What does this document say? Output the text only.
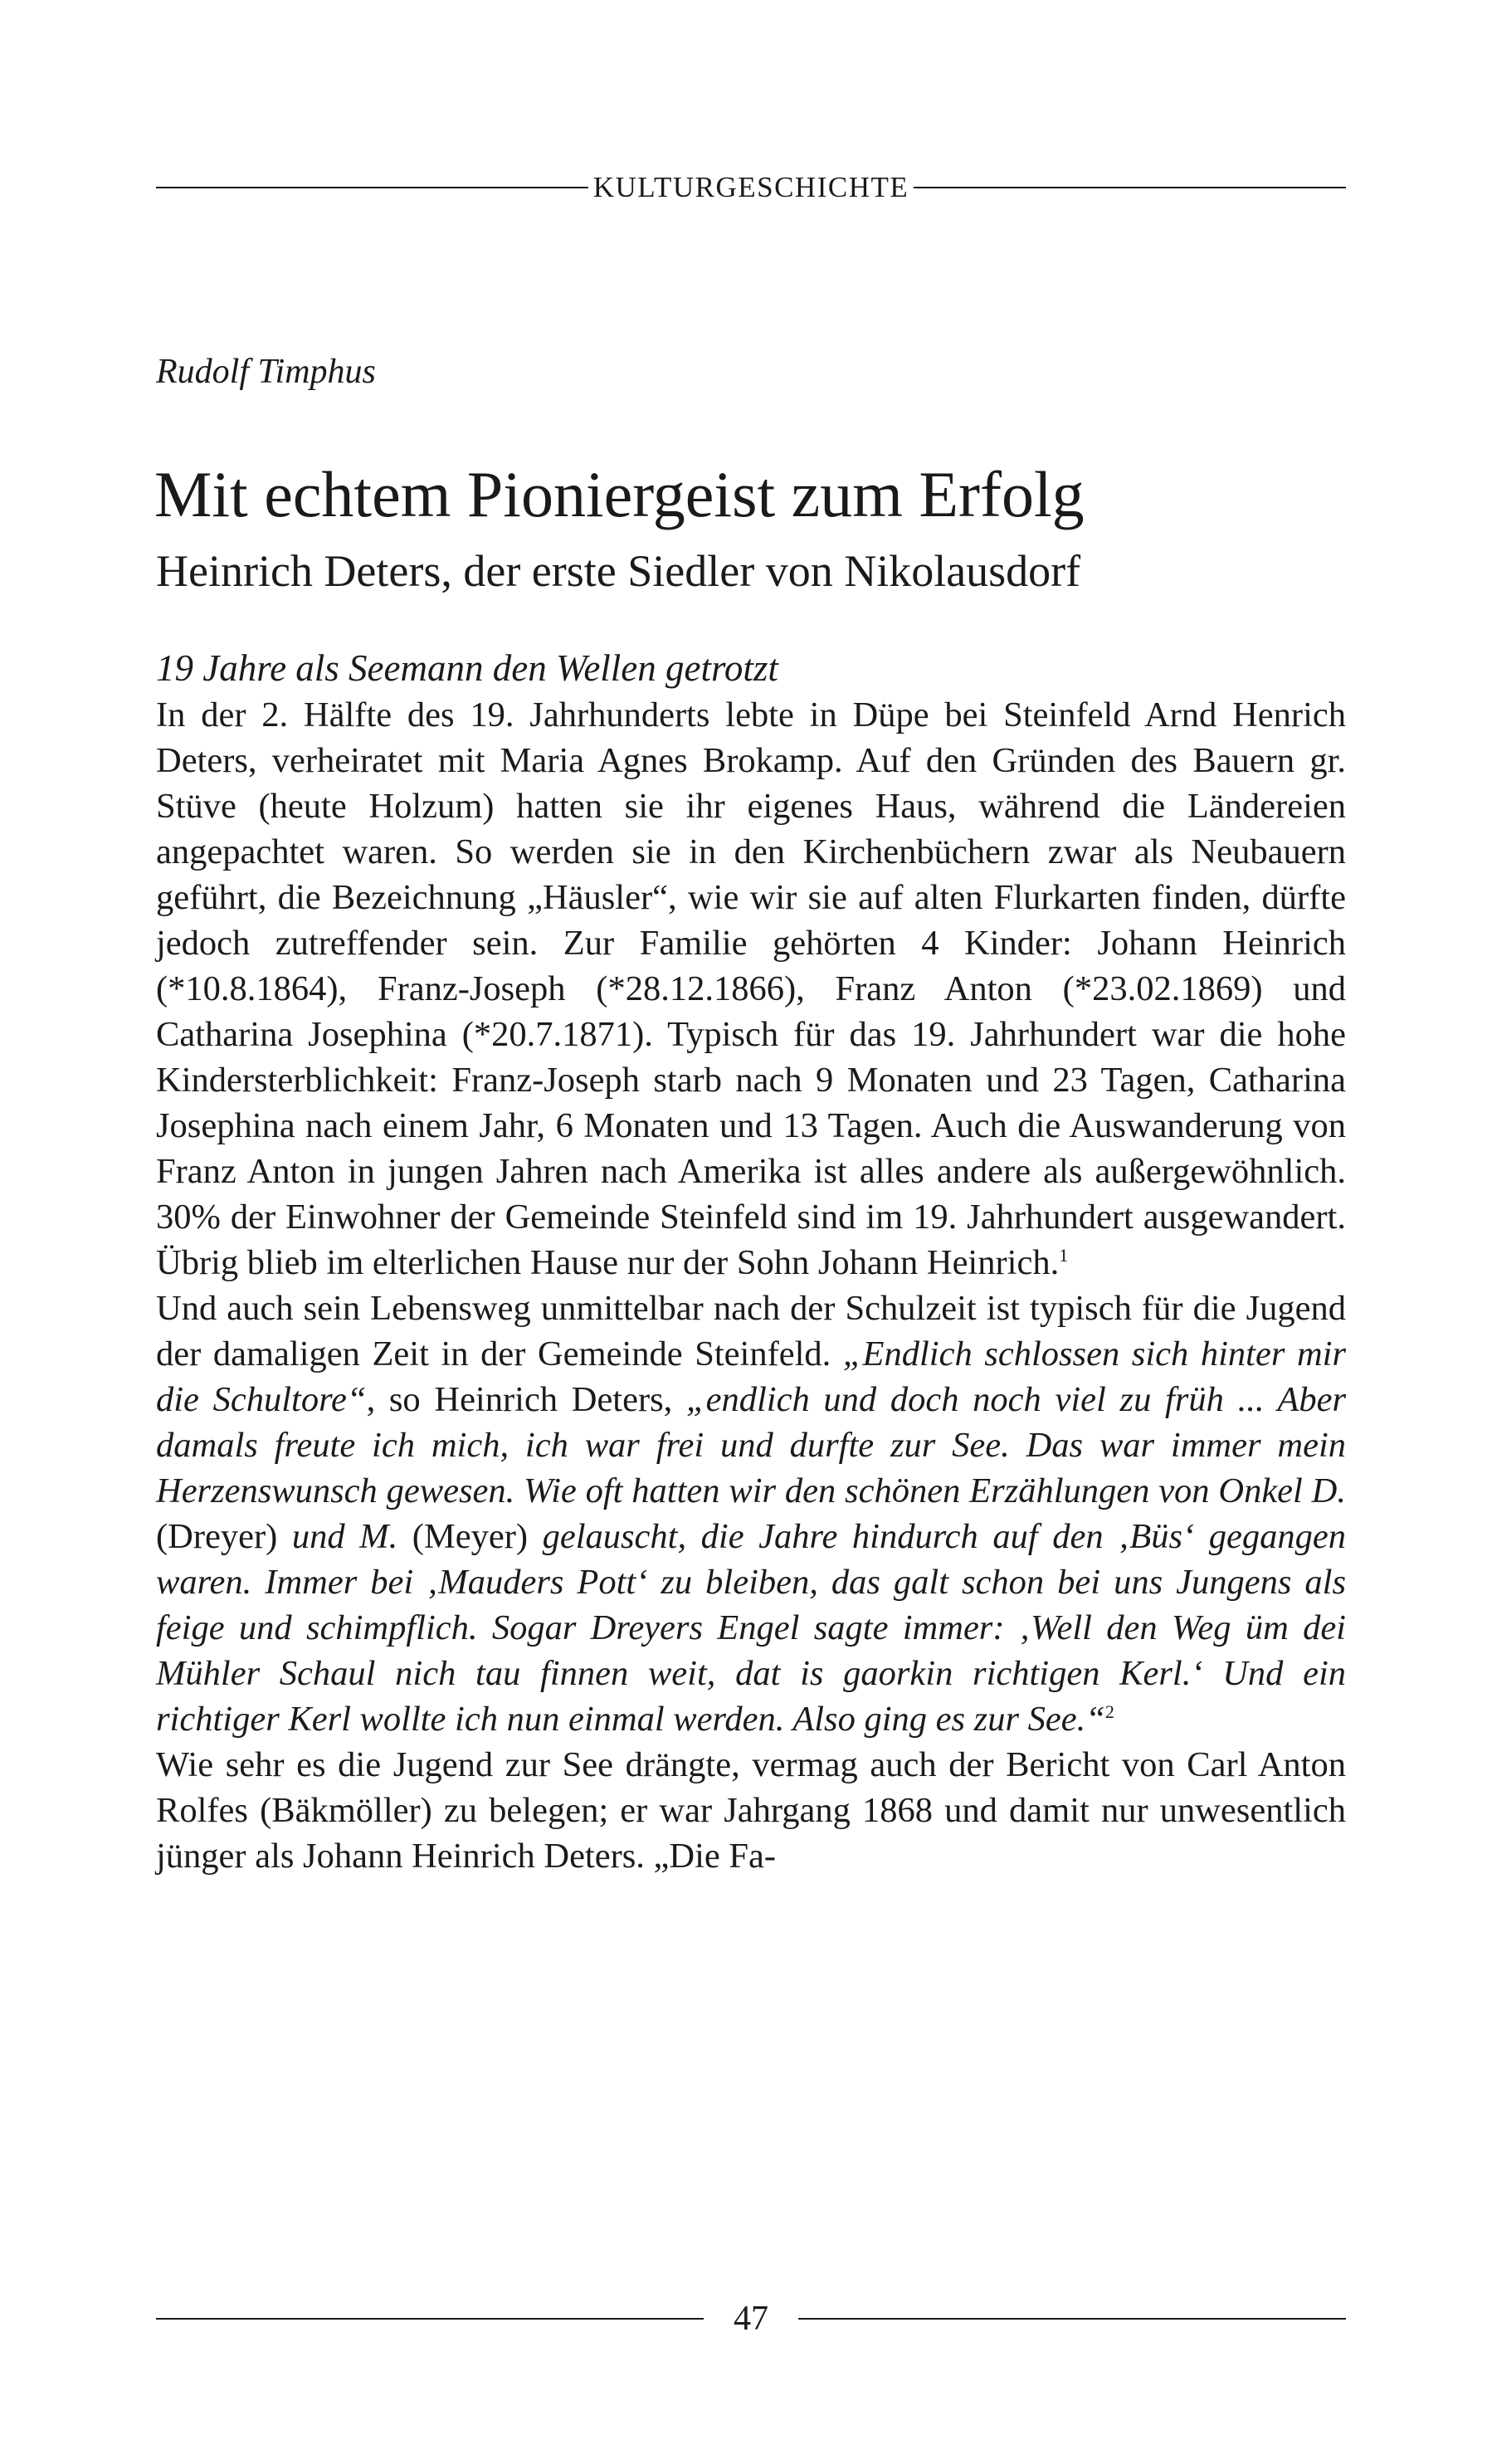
KULTURGESCHICHTE
Rudolf Timphus
Mit echtem Pioniergeist zum Erfolg
Heinrich Deters, der erste Siedler von Nikolausdorf

19 Jahre als Seemann den Wellen getrotzt

In der 2. Hälfte des 19. Jahrhunderts lebte in Düpe bei Steinfeld Arnd Henrich Deters, verheiratet mit Maria Agnes Brokamp. Auf den Gründen des Bauern gr. Stüve (heute Holzum) hatten sie ihr eigenes Haus, während die Ländereien angepachtet waren. So werden sie in den Kirchenbüchern zwar als Neubauern geführt, die Bezeichnung „Häusler“, wie wir sie auf alten Flurkarten finden, dürfte jedoch zutreffender sein. Zur Familie gehörten 4 Kinder: Johann Heinrich (*10.8.1864), Franz-Joseph (*28.12.1866), Franz Anton (*23.02.1869) und Catharina Josephina (*20.7.1871). Typisch für das 19. Jahrhundert war die hohe Kindersterblichkeit: Franz-Joseph starb nach 9 Monaten und 23 Tagen, Catharina Josephina nach einem Jahr, 6 Monaten und 13 Tagen. Auch die Auswanderung von Franz Anton in jungen Jahren nach Amerika ist alles andere als außergewöhnlich. 30% der Einwohner der Gemeinde Steinfeld sind im 19. Jahrhundert ausgewandert. Übrig blieb im elterlichen Hause nur der Sohn Johann Heinrich.$^1$

Und auch sein Lebensweg unmittelbar nach der Schulzeit ist typisch für die Jugend der damaligen Zeit in der Gemeinde Steinfeld. „Endlich schlossen sich hinter mir die Schultore“, so Heinrich Deters, „endlich und doch noch viel zu früh ... Aber damals freute ich mich, ich war frei und durfte zur See. Das war immer mein Herzenswunsch gewesen. Wie oft hatten wir den schönen Erzählungen von Onkel D. (Dreyer) und M. (Meyer) gelauscht, die Jahre hindurch auf den ‚Büs‘ gegangen waren. Immer bei ‚Mauders Pott‘ zu bleiben, das galt schon bei uns Jungens als feige und schimpflich. Sogar Dreyers Engel sagte immer: ‚Well den Weg üm dei Mühler Schaul nich tau finnen weit, dat is gaorkin richtigen Kerl.‘ Und ein richtiger Kerl wollte ich nun einmal werden. Also ging es zur See.“$^2$

Wie sehr es die Jugend zur See drängte, vermag auch der Bericht von Carl Anton Rolfes (Bäkmöller) zu belegen; er war Jahrgang 1868 und damit nur unwesentlich jünger als Johann Heinrich Deters. „Die Fa-

47
